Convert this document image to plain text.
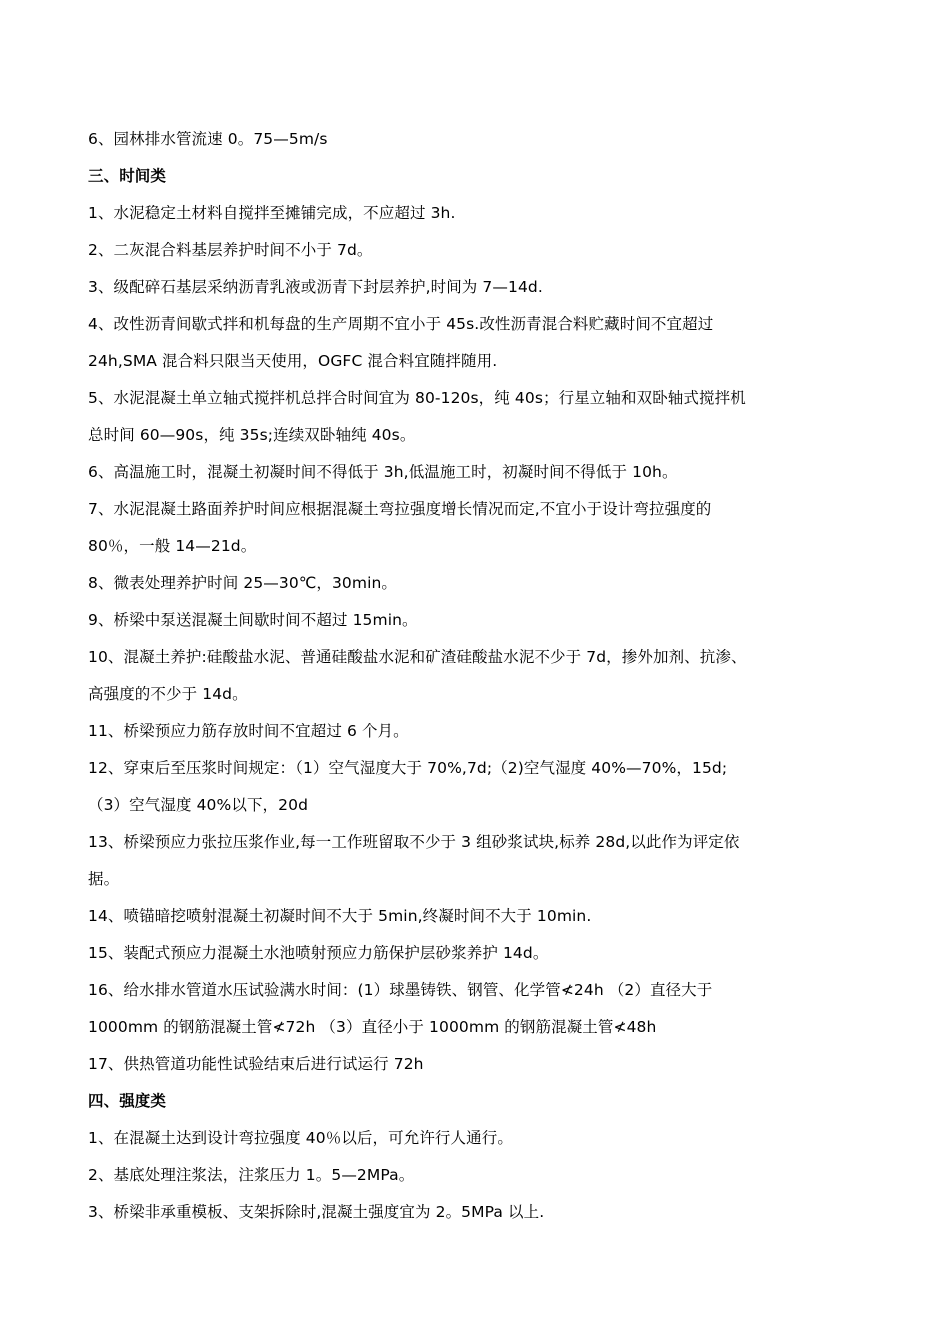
6、园林排水管流速 0。75—5m/s
三、时间类
1、水泥稳定土材料自搅拌至摊铺完成，不应超过 3h.
2、二灰混合料基层养护时间不小于 7d。
3、级配碎石基层采纳沥青乳液或沥青下封层养护,时间为 7—14d.
4、改性沥青间歇式拌和机每盘的生产周期不宜小于 45s.改性沥青混合料贮藏时间不宜超过
24h,SMA 混合料只限当天使用，OGFC 混合料宜随拌随用.
5、水泥混凝土单立轴式搅拌机总拌合时间宜为 80-120s，纯 40s；行星立轴和双卧轴式搅拌机
总时间 60—90s，纯 35s;连续双卧轴纯 40s。
6、高温施工时，混凝土初凝时间不得低于 3h,低温施工时，初凝时间不得低于 10h。
7、水泥混凝土路面养护时间应根据混凝土弯拉强度增长情况而定,不宜小于设计弯拉强度的
80％，一般 14—21d。
8、微表处理养护时间 25—30℃，30min。
9、桥梁中泵送混凝土间歇时间不超过 15min。
10、混凝土养护:硅酸盐水泥、普通硅酸盐水泥和矿渣硅酸盐水泥不少于 7d，掺外加剂、抗渗、
高强度的不少于 14d。
11、桥梁预应力筋存放时间不宜超过 6 个月。
12、穿束后至压浆时间规定：（1）空气湿度大于 70%,7d;（2)空气湿度 40%—70%，15d;
（3）空气湿度 40%以下，20d
13、桥梁预应力张拉压浆作业,每一工作班留取不少于 3 组砂浆试块,标养 28d,以此作为评定依
据。
14、喷锚暗挖喷射混凝土初凝时间不大于 5min,终凝时间不大于 10min.
15、装配式预应力混凝土水池喷射预应力筋保护层砂浆养护 14d。
16、给水排水管道水压试验满水时间：(1）球墨铸铁、钢管、化学管≮24h （2）直径大于
1000mm 的钢筋混凝土管≮72h （3）直径小于 1000mm 的钢筋混凝土管≮48h
17、供热管道功能性试验结束后进行试运行 72h
四、强度类
1、在混凝土达到设计弯拉强度 40％以后，可允许行人通行。
2、基底处理注浆法，注浆压力 1。5—2MPa。
3、桥梁非承重模板、支架拆除时,混凝土强度宜为 2。5MPa 以上.
